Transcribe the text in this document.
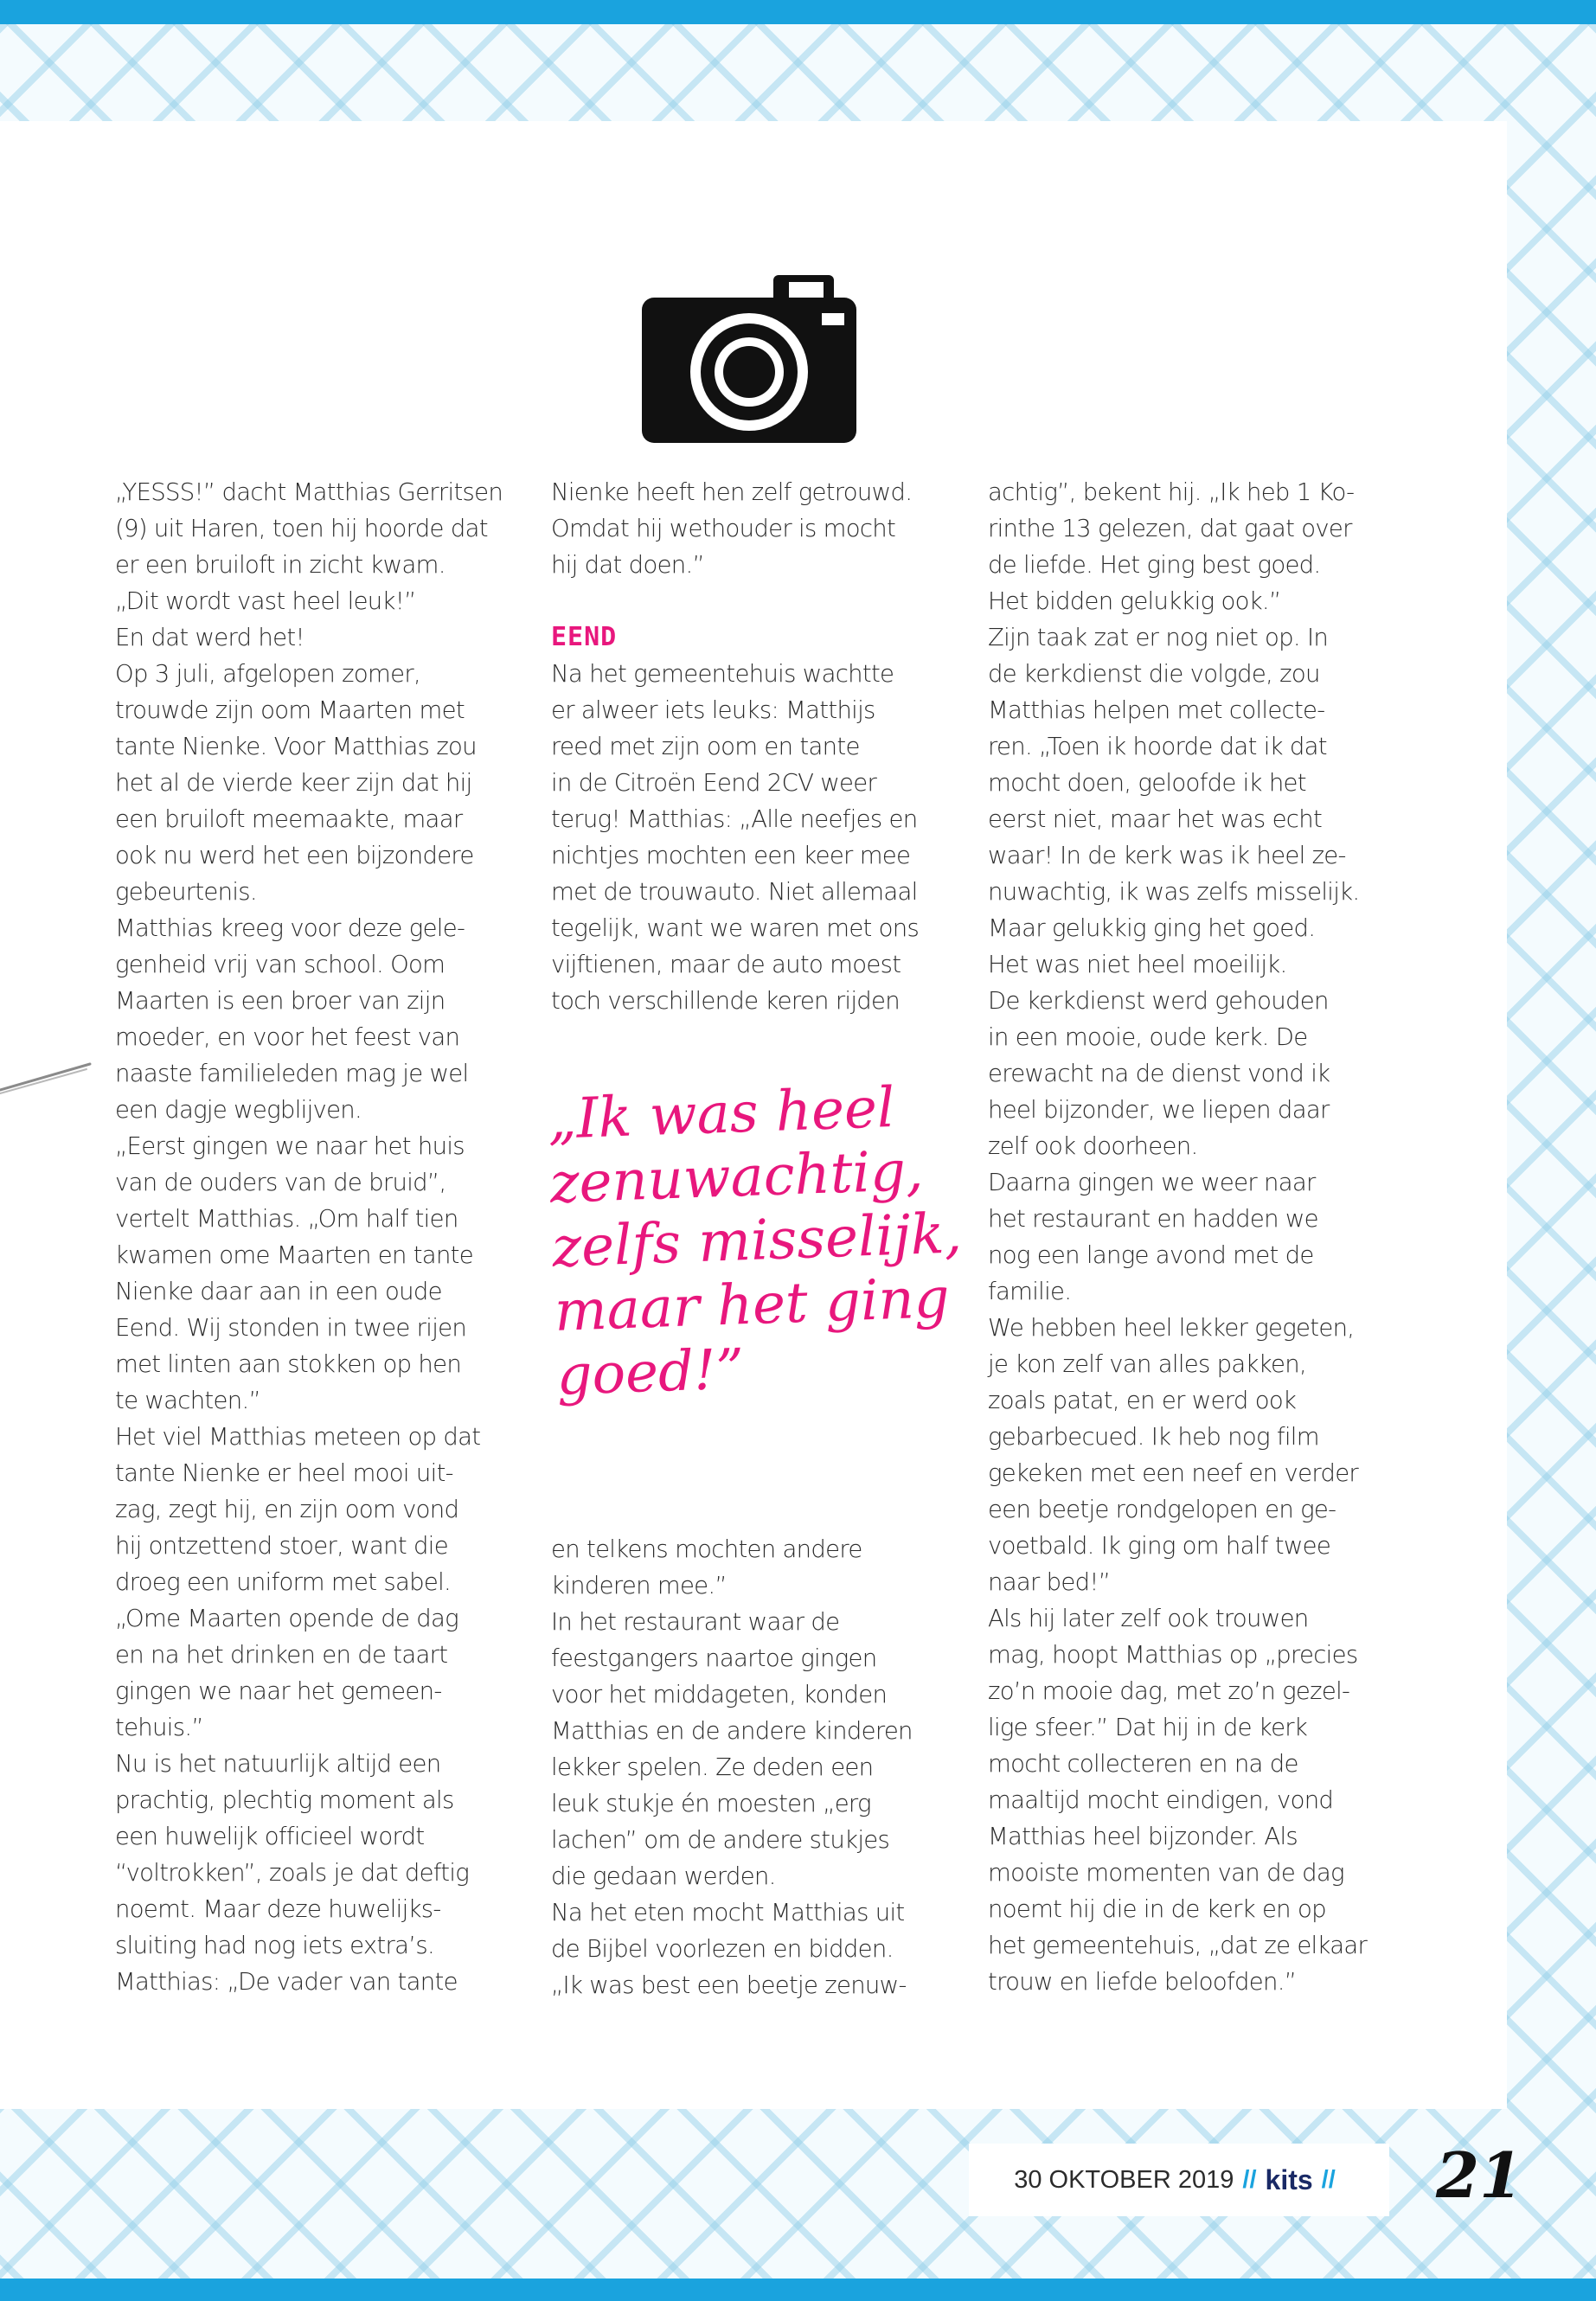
„YESSS!” dacht Matthias Gerritsen

(9) uit Haren, toen hij hoorde dat

er een bruiloft in zicht kwam.

„Dit wordt vast heel leuk!”

En dat werd het!

Op 3 juli, afgelopen zomer,

trouwde zijn oom Maarten met

tante Nienke. Voor Matthias zou

het al de vierde keer zijn dat hij

een bruiloft meemaakte, maar

ook nu werd het een bijzondere

gebeurtenis.

Matthias kreeg voor deze gele-

genheid vrij van school. Oom

Maarten is een broer van zijn

moeder, en voor het feest van

naaste familieleden mag je wel

een dagje wegblijven.

„Eerst gingen we naar het huis

van de ouders van de bruid”,

vertelt Matthias. „Om half tien

kwamen ome Maarten en tante

Nienke daar aan in een oude

Eend. Wij stonden in twee rijen

met linten aan stokken op hen

te wachten.”

Het viel Matthias meteen op dat

tante Nienke er heel mooi uit-

zag, zegt hij, en zijn oom vond

hij ontzettend stoer, want die

droeg een uniform met sabel.

„Ome Maarten opende de dag

en na het drinken en de taart

gingen we naar het gemeen-

tehuis.”

Nu is het natuurlijk altijd een

prachtig, plechtig moment als

een huwelijk officieel wordt

“voltrokken”, zoals je dat deftig

noemt. Maar deze huwelijks-

sluiting had nog iets extra’s.

Matthias: „De vader van tante

Nienke heeft hen zelf getrouwd.

Omdat hij wethouder is mocht

hij dat doen.”

EEND

Na het gemeentehuis wachtte

er alweer iets leuks: Matthijs

reed met zijn oom en tante

in de Citroën Eend 2CV weer

terug! Matthias: „Alle neefjes en

nichtjes mochten een keer mee

met de trouwauto. Niet allemaal

tegelijk, want we waren met ons

vijftienen, maar de auto moest

toch verschillende keren rijden

„Ik was heel

zenuwachtig,

zelfs misselijk,

maar het ging

goed!”

en telkens mochten andere

kinderen mee.”

In het restaurant waar de

feestgangers naartoe gingen

voor het middageten, konden

Matthias en de andere kinderen

lekker spelen. Ze deden een

leuk stukje én moesten „erg

lachen” om de andere stukjes

die gedaan werden.

Na het eten mocht Matthias uit

de Bijbel voorlezen en bidden.

„Ik was best een beetje zenuw-

achtig”, bekent hij. „Ik heb 1 Ko-

rinthe 13 gelezen, dat gaat over

de liefde. Het ging best goed.

Het bidden gelukkig ook.”

Zijn taak zat er nog niet op. In

de kerkdienst die volgde, zou

Matthias helpen met collecte-

ren. „Toen ik hoorde dat ik dat

mocht doen, geloofde ik het

eerst niet, maar het was echt

waar! In de kerk was ik heel ze-

nuwachtig, ik was zelfs misselijk.

Maar gelukkig ging het goed.

Het was niet heel moeilijk.

De kerkdienst werd gehouden

in een mooie, oude kerk. De

erewacht na de dienst vond ik

heel bijzonder, we liepen daar

zelf ook doorheen.

Daarna gingen we weer naar

het restaurant en hadden we

nog een lange avond met de

familie.

We hebben heel lekker gegeten,

je kon zelf van alles pakken,

zoals patat, en er werd ook

gebarbecued. Ik heb nog film

gekeken met een neef en verder

een beetje rondgelopen en ge-

voetbald. Ik ging om half twee

naar bed!”

Als hij later zelf ook trouwen

mag, hoopt Matthias op „precies

zo’n mooie dag, met zo’n gezel-

lige sfeer.” Dat hij in de kerk

mocht collecteren en na de

maaltijd mocht eindigen, vond

Matthias heel bijzonder. Als

mooiste momenten van de dag

noemt hij die in de kerk en op

het gemeentehuis, „dat ze elkaar

trouw en liefde beloofden.”

30 OKTOBER 2019 // kits // 21
